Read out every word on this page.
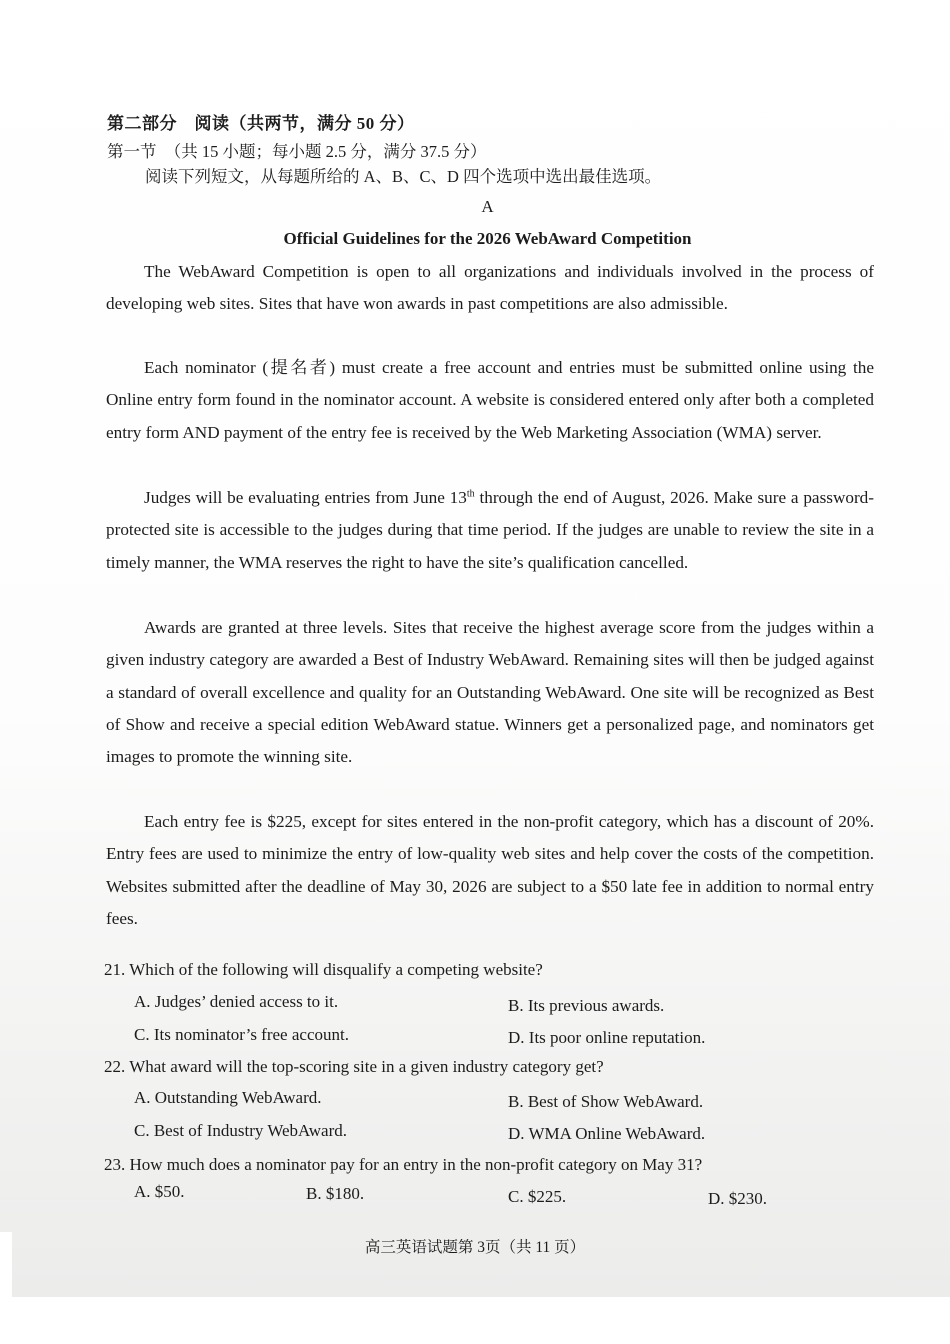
第二部分　阅读（共两节，满分 50 分）
第一节　（共 15 小题；每小题 2.5 分，满分 37.5 分）
阅读下列短文，从每题所给的 A、B、C、D 四个选项中选出最佳选项。
A
Official Guidelines for the 2026 WebAward Competition
The WebAward Competition is open to all organizations and individuals involved in the process of developing web sites. Sites that have won awards in past competitions are also admissible.
Each nominator (提名者) must create a free account and entries must be submitted online using the Online entry form found in the nominator account. A website is considered entered only after both a completed entry form AND payment of the entry fee is received by the Web Marketing Association (WMA) server.
Judges will be evaluating entries from June 13th through the end of August, 2026. Make sure a password-protected site is accessible to the judges during that time period. If the judges are unable to review the site in a timely manner, the WMA reserves the right to have the site’s qualification cancelled.
Awards are granted at three levels. Sites that receive the highest average score from the judges within a given industry category are awarded a Best of Industry WebAward. Remaining sites will then be judged against a standard of overall excellence and quality for an Outstanding WebAward. One site will be recognized as Best of Show and receive a special edition WebAward statue. Winners get a personalized page, and nominators get images to promote the winning site.
Each entry fee is $225, except for sites entered in the non-profit category, which has a discount of 20%. Entry fees are used to minimize the entry of low-quality web sites and help cover the costs of the competition. Websites submitted after the deadline of May 30, 2026 are subject to a $50 late fee in addition to normal entry fees.
21. Which of the following will disqualify a competing website?
A. Judges’ denied access to it.	B. Its previous awards.
C. Its nominator’s free account.	D. Its poor online reputation.
22. What award will the top-scoring site in a given industry category get?
A. Outstanding WebAward.	B. Best of Show WebAward.
C. Best of Industry WebAward.	D. WMA Online WebAward.
23. How much does a nominator pay for an entry in the non-profit category on May 31?
A. $50.	B. $180.	C. $225.	D. $230.
高三英语试题第 3页（共 11 页）
